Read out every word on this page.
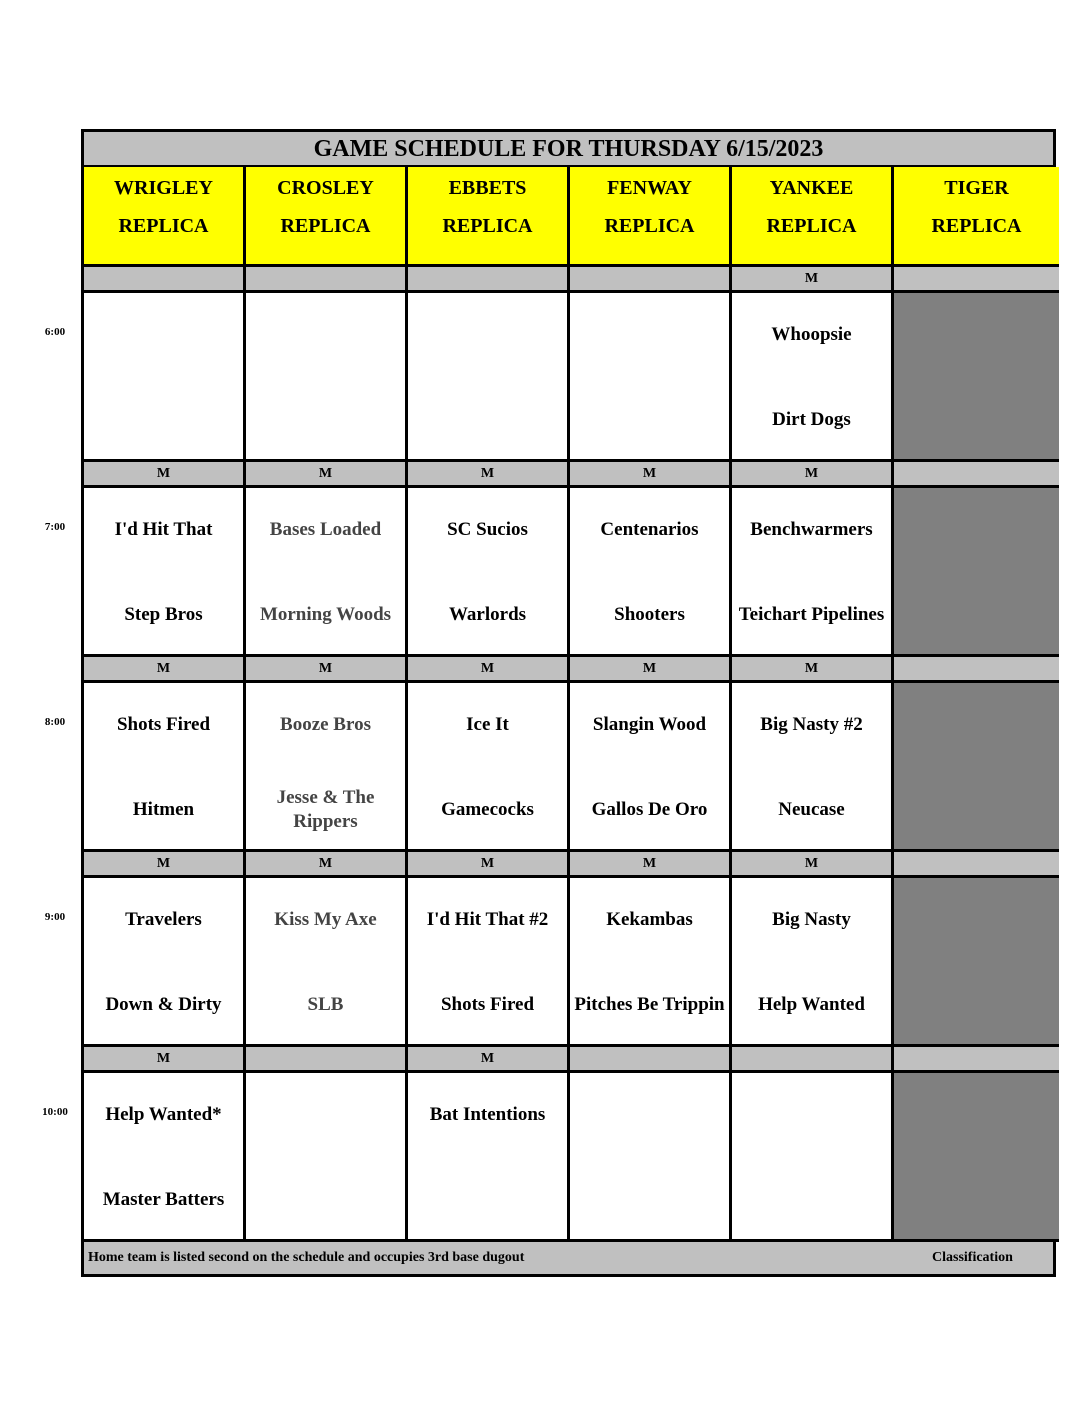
GAME SCHEDULE FOR THURSDAY 6/15/2023
WRIGLEY
REPLICA
CROSLEY
REPLICA
EBBETS
REPLICA
FENWAY
REPLICA
YANKEE
REPLICA
TIGER
REPLICA
M
Whoopsie
Dirt Dogs
M
I'd Hit That
Step Bros
M
Bases Loaded
Morning Woods
M
SC Sucios
Warlords
M
Centenarios
Shooters
M
Benchwarmers
Teichart Pipelines
M
Shots Fired
Hitmen
M
Booze Bros
Jesse & The Rippers
M
Ice It
Gamecocks
M
Slangin Wood
Gallos De Oro
M
Big Nasty #2
Neucase
M
Travelers
Down & Dirty
M
Kiss My Axe
SLB
M
I'd Hit That #2
Shots Fired
M
Kekambas
Pitches Be Trippin
M
Big Nasty
Help Wanted
M
Help Wanted*
Master Batters
M
Bat Intentions
Home team is listed second on the schedule and occupies 3rd base dugout	Classification
6:00
7:00
8:00
9:00
10:00
